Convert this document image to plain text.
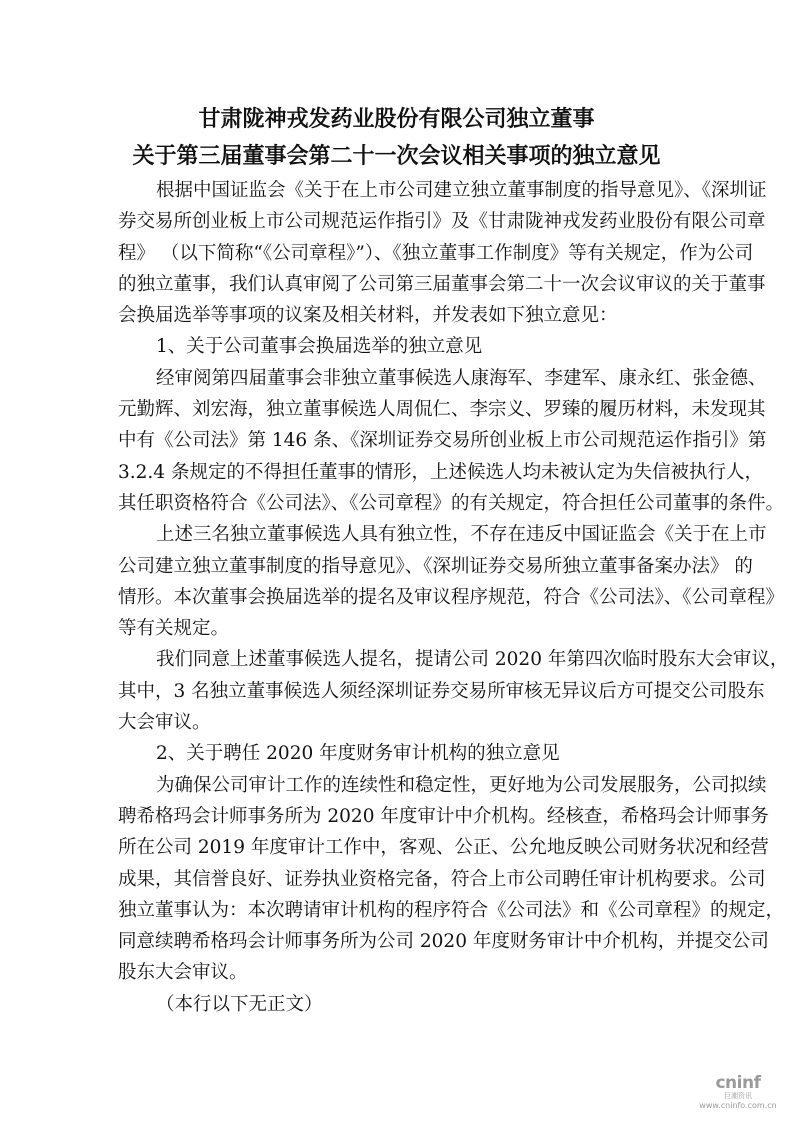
甘肃陇神戎发药业股份有限公司独立董事
关于第三届董事会第二十一次会议相关事项的独立意见
根据中国证监会《关于在上市公司建立独立董事制度的指导意见》、《深圳证
券交易所创业板上市公司规范运作指引》及《甘肃陇神戎发药业股份有限公司章
程》 （以下简称“《公司章程》”）、《独立董事工作制度》等有关规定，作为公司
的独立董事，我们认真审阅了公司第三届董事会第二十一次会议审议的关于董事
会换届选举等事项的议案及相关材料，并发表如下独立意见：
1、关于公司董事会换届选举的独立意见
经审阅第四届董事会非独立董事候选人康海军、李建军、康永红、张金德、
元勤辉、刘宏海，独立董事候选人周侃仁、李宗义、罗臻的履历材料，未发现其
中有《公司法》第 146 条、《深圳证券交易所创业板上市公司规范运作指引》第
3.2.4 条规定的不得担任董事的情形，上述候选人均未被认定为失信被执行人，
其任职资格符合《公司法》、《公司章程》的有关规定，符合担任公司董事的条件。
上述三名独立董事候选人具有独立性，不存在违反中国证监会《关于在上市
公司建立独立董事制度的指导意见》、《深圳证券交易所独立董事备案办法》 的
情形。本次董事会换届选举的提名及审议程序规范，符合《公司法》、《公司章程》
等有关规定。
我们同意上述董事候选人提名，提请公司 2020 年第四次临时股东大会审议，
其中，3 名独立董事候选人须经深圳证券交易所审核无异议后方可提交公司股东
大会审议。
2、关于聘任 2020 年度财务审计机构的独立意见
为确保公司审计工作的连续性和稳定性，更好地为公司发展服务，公司拟续
聘希格玛会计师事务所为 2020 年度审计中介机构。经核查，希格玛会计师事务
所在公司 2019 年度审计工作中，客观、公正、公允地反映公司财务状况和经营
成果，其信誉良好、证券执业资格完备，符合上市公司聘任审计机构要求。公司
独立董事认为：本次聘请审计机构的程序符合《公司法》和《公司章程》的规定，
同意续聘希格玛会计师事务所为公司 2020 年度财务审计中介机构，并提交公司
股东大会审议。
（本行以下无正文）
cninf
巨潮资讯
www.cninfo.com.cn
